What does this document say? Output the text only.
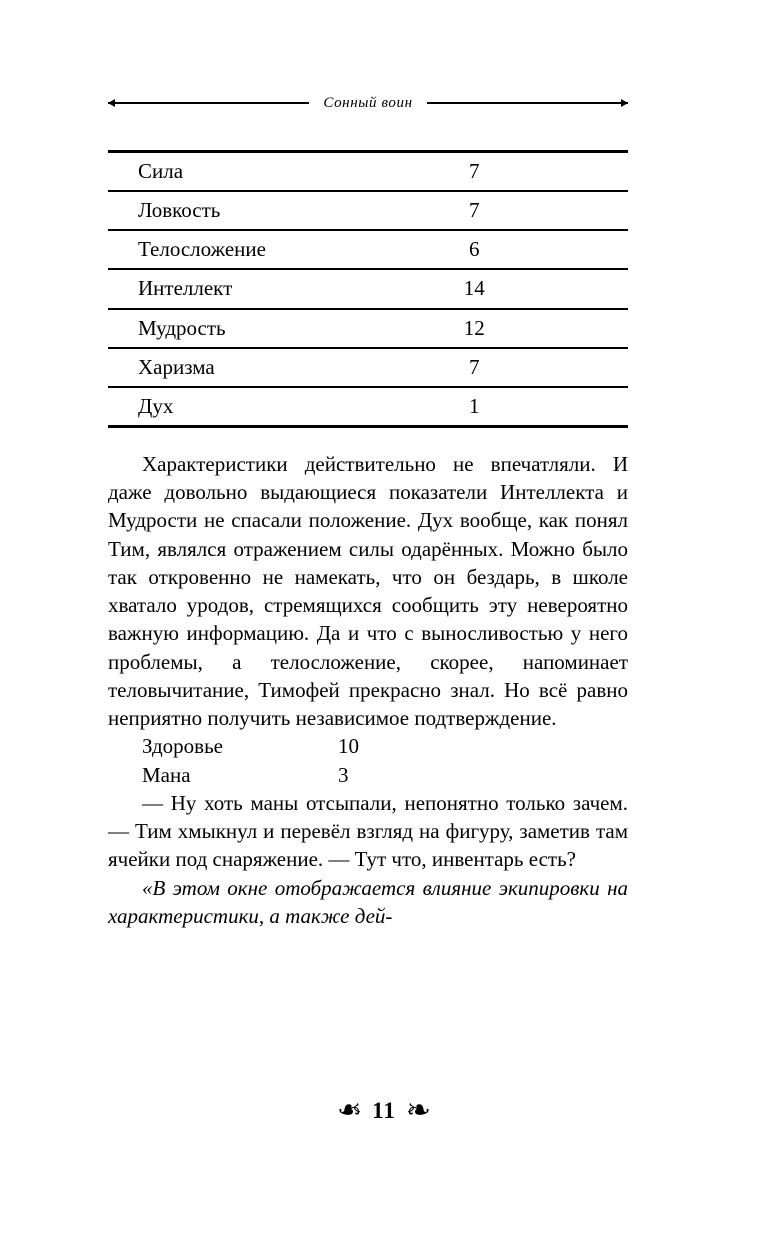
Сонный воин
Сила	7
Ловкость	7
Телосложение	6
Интеллект	14
Мудрость	12
Харизма	7
Дух	1

Характеристики действительно не впечатляли. И даже довольно выдающиеся показатели Интеллекта и Мудрости не спасали положение. Дух вообще, как понял Тим, являлся отражением силы одарённых. Можно было так откровенно не намекать, что он бездарь, в школе хватало уродов, стремящихся сообщить эту невероятно важную информацию. Да и что с выносливостью у него проблемы, а телосложение, скорее, напоминает теловычитание, Тимофей прекрасно знал. Но всё равно неприятно получить независимое подтверждение.

Здоровье	10
Мана	3

— Ну хоть маны отсыпали, непонятно только зачем. — Тим хмыкнул и перевёл взгляд на фигуру, заметив там ячейки под снаряжение. — Тут что, инвентарь есть?

«В этом окне отображается влияние экипировки на характеристики, а также дей-

❧ 11 ❧
